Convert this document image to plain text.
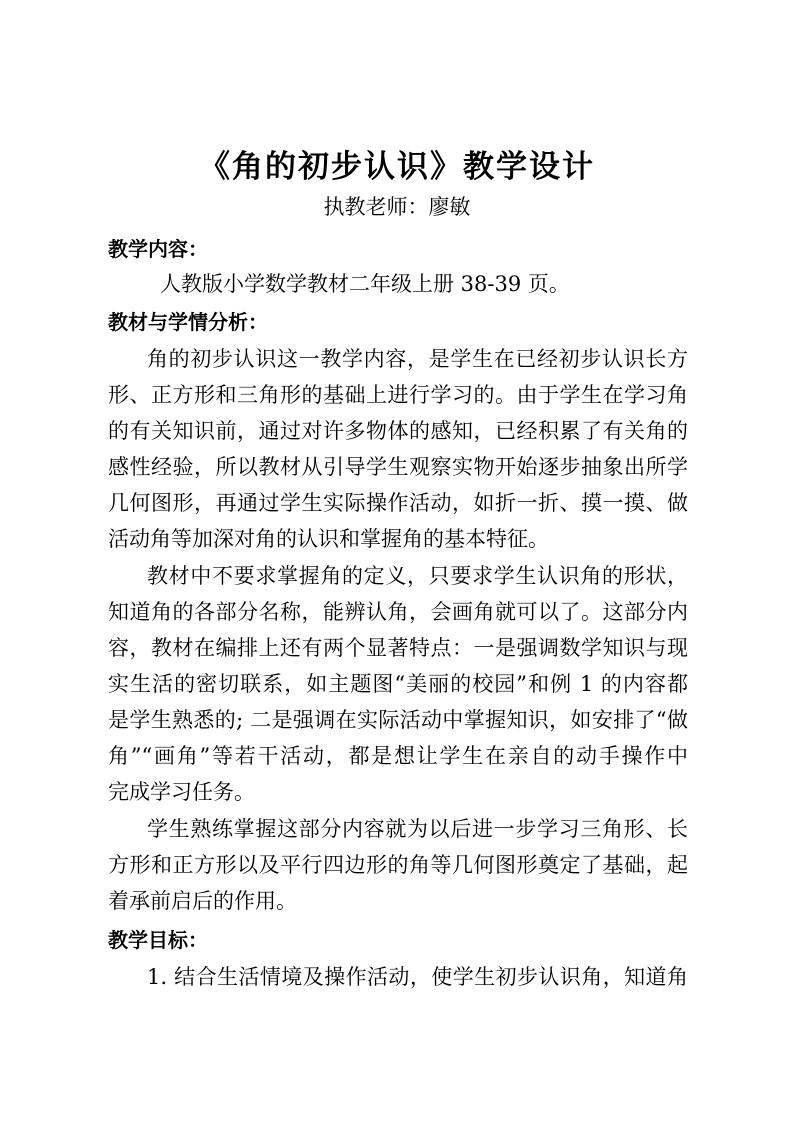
《角的初步认识》教学设计
执教老师：廖敏
教学内容：
人教版小学数学教材二年级上册 38-39 页。
教材与学情分析：
角的初步认识这一教学内容，是学生在已经初步认识长方
形、正方形和三角形的基础上进行学习的。由于学生在学习角
的有关知识前，通过对许多物体的感知，已经积累了有关角的
感性经验，所以教材从引导学生观察实物开始逐步抽象出所学
几何图形，再通过学生实际操作活动，如折一折、摸一摸、做
活动角等加深对角的认识和掌握角的基本特征。
教材中不要求掌握角的定义，只要求学生认识角的形状，
知道角的各部分名称，能辨认角，会画角就可以了。这部分内
容，教材在编排上还有两个显著特点：一是强调数学知识与现
实生活的密切联系，如主题图“美丽的校园”和例 1 的内容都
是学生熟悉的; 二是强调在实际活动中掌握知识，如安排了“做
角”“画角”等若干活动，都是想让学生在亲自的动手操作中
完成学习任务。
学生熟练掌握这部分内容就为以后进一步学习三角形、长
方形和正方形以及平行四边形的角等几何图形奠定了基础，起
着承前启后的作用。
教学目标：
1. 结合生活情境及操作活动，使学生初步认识角，知道角
